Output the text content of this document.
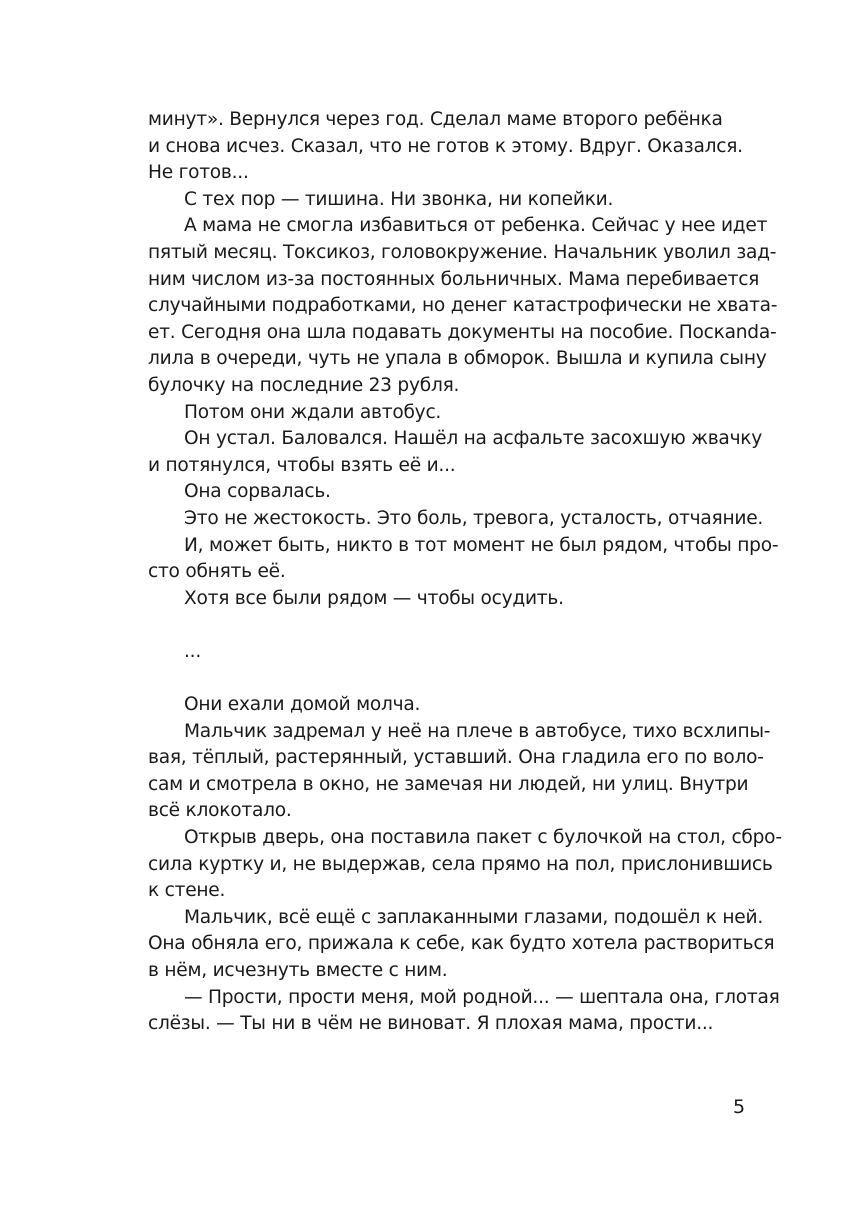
минут». Вернулся через год. Сделал маме второго ребёнка
и снова исчез. Сказал, что не готов к этому. Вдруг. Оказался.
Не готов...
С тех пор — тишина. Ни звонка, ни копейки.
А мама не смогла избавиться от ребенка. Сейчас у нее идет
пятый месяц. Токсикоз, головокружение. Начальник уволил зад-
ним числом из-за постоянных больничных. Мама перебивается
случайными подработками, но денег катастрофически не хвата-
ет. Сегодня она шла подавать документы на пособие. Поскanda-
лила в очереди, чуть не упала в обморок. Вышла и купила сыну
булочку на последние 23 рубля.
Потом они ждали автобус.
Он устал. Баловался. Нашёл на асфальте засохшую жвачку
и потянулся, чтобы взять её и...
Она сорвалась.
Это не жестокость. Это боль, тревога, усталость, отчаяние.
И, может быть, никто в тот момент не был рядом, чтобы про-
сто обнять её.
Хотя все были рядом — чтобы осудить.
...
Они ехали домой молча.
Мальчик задремал у неё на плече в автобусе, тихо всхлипы-
вая, тёплый, растерянный, уставший. Она гладила его по воло-
сам и смотрела в окно, не замечая ни людей, ни улиц. Внутри
всё клокотало.
Открыв дверь, она поставила пакет с булочкой на стол, сбро-
сила куртку и, не выдержав, села прямо на пол, прислонившись
к стене.
Мальчик, всё ещё с заплаканными глазами, подошёл к ней.
Она обняла его, прижала к себе, как будто хотела раствориться
в нём, исчезнуть вместе с ним.
— Прости, прости меня, мой родной... — шептала она, глотая
слёзы. — Ты ни в чём не виноват. Я плохая мама, прости...
5
